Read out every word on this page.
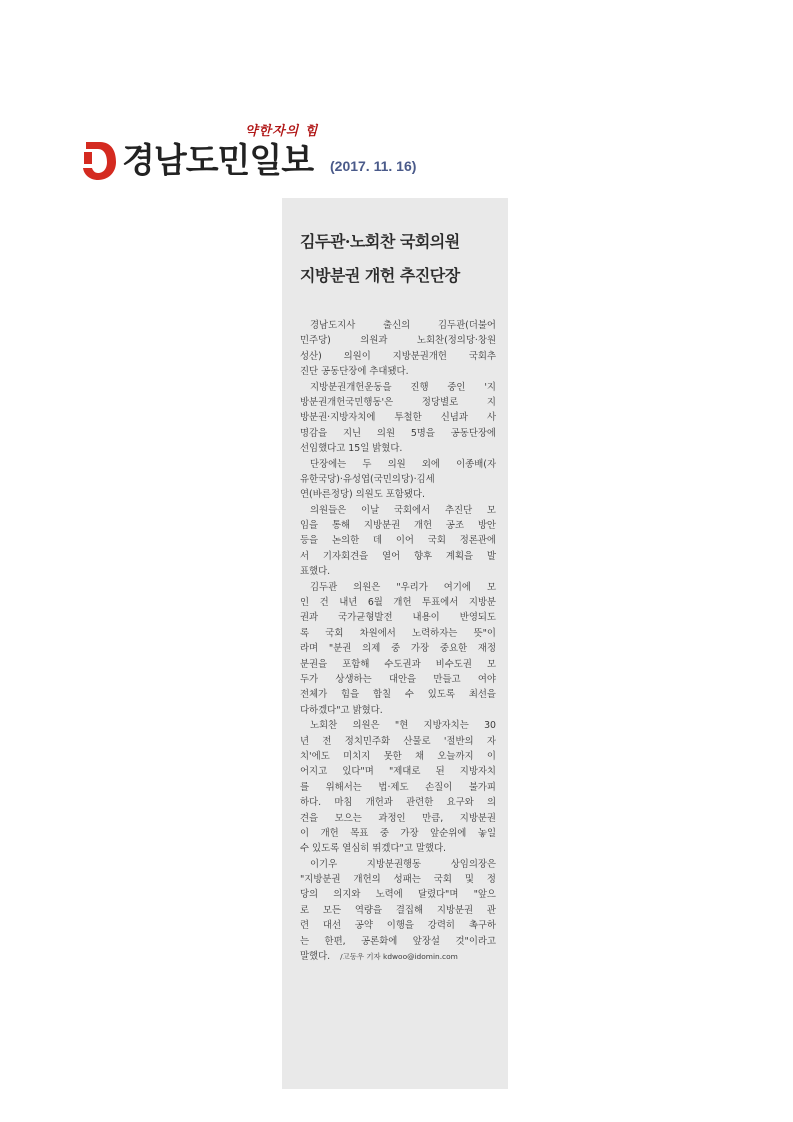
약한자의 힘
경남도민일보 (2017. 11. 16)
김두관·노회찬 국회의원
지방분권 개헌 추진단장
경남도지사 출신의 김두관(더불어
민주당) 의원과 노회찬(정의당·창원
성산) 의원이 지방분권개헌 국회추
진단 공동단장에 추대됐다.
지방분권개헌운동을 진행 중인 '지
방분권개헌국민행동'은 정당별로 지
방분권·지방자치에 투철한 신념과 사
명감을 지닌 의원 5명을 공동단장에
선임했다고 15일 밝혔다.
단장에는 두 의원 외에 이종배(자
유한국당)·유성엽(국민의당)·김세
연(바른정당) 의원도 포함됐다.
의원들은 이날 국회에서 추진단 모
임을 통해 지방분권 개헌 공조 방안
등을 논의한 데 이어 국회 정론관에
서 기자회견을 열어 향후 계획을 발
표했다.
김두관 의원은 "우리가 여기에 모
인 건 내년 6월 개헌 투표에서 지방분
권과 국가균형발전 내용이 반영되도
록 국회 차원에서 노력하자는 뜻"이
라며 "분권 의제 중 가장 중요한 재정
분권을 포함해 수도권과 비수도권 모
두가 상생하는 대안을 만들고 여야
전체가 힘을 합칠 수 있도록 최선을
다하겠다"고 밝혔다.
노회찬 의원은 "현 지방자치는 30
년 전 정치민주화 산물로 '절반의 자
치'에도 미치지 못한 채 오늘까지 이
어지고 있다"며 "제대로 된 지방자치
를 위해서는 법·제도 손질이 불가피
하다. 마침 개헌과 관련한 요구와 의
견을 모으는 과정인 만큼, 지방분권
이 개헌 목표 중 가장 앞순위에 놓일
수 있도록 열심히 뛰겠다"고 말했다.
이기우 지방분권행동 상임의장은
"지방분권 개헌의 성패는 국회 및 정
당의 의지와 노력에 달렸다"며 "앞으
로 모든 역량을 결집해 지방분권 관
련 대선 공약 이행을 강력히 촉구하
는 한편, 공론화에 앞장설 것"이라고
말했다. /고동우 기자 kdwoo@idomin.com
